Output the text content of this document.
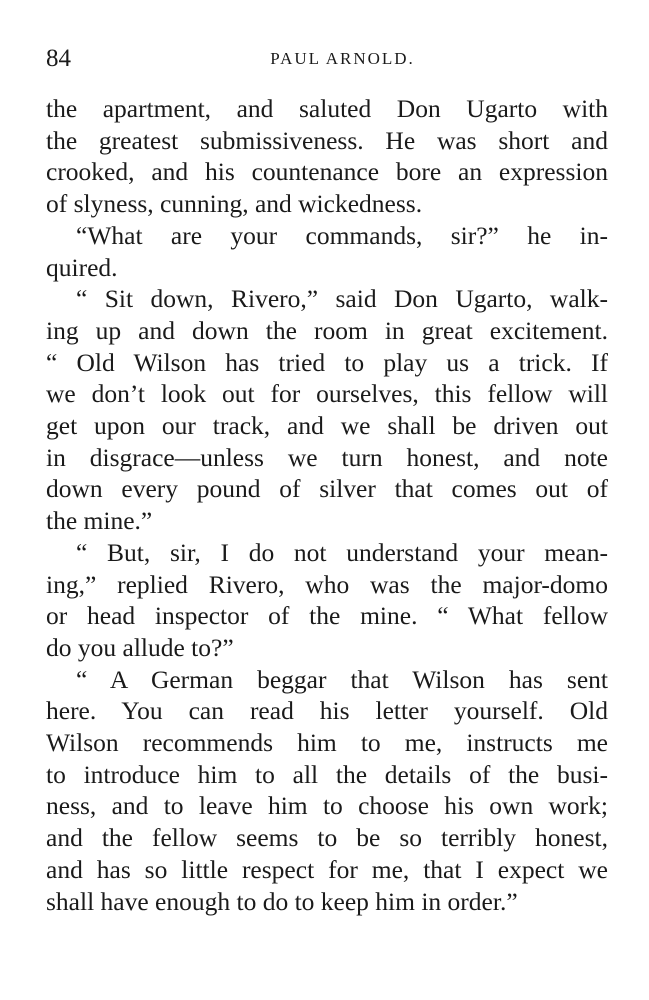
84	PAUL ARNOLD.
the apartment, and saluted Don Ugarto with
the greatest submissiveness. He was short and
crooked, and his countenance bore an expression
of slyness, cunning, and wickedness.
“What are your commands, sir?” he in-
quired.
“ Sit down, Rivero,” said Don Ugarto, walk-
ing up and down the room in great excitement.
“ Old Wilson has tried to play us a trick. If
we don’t look out for ourselves, this fellow will
get upon our track, and we shall be driven out
in disgrace—unless we turn honest, and note
down every pound of silver that comes out of
the mine.”
“ But, sir, I do not understand your mean-
ing,” replied Rivero, who was the major-domo
or head inspector of the mine. “ What fellow
do you allude to?”
“ A German beggar that Wilson has sent
here. You can read his letter yourself. Old
Wilson recommends him to me, instructs me
to introduce him to all the details of the busi-
ness, and to leave him to choose his own work;
and the fellow seems to be so terribly honest,
and has so little respect for me, that I expect we
shall have enough to do to keep him in order.”
